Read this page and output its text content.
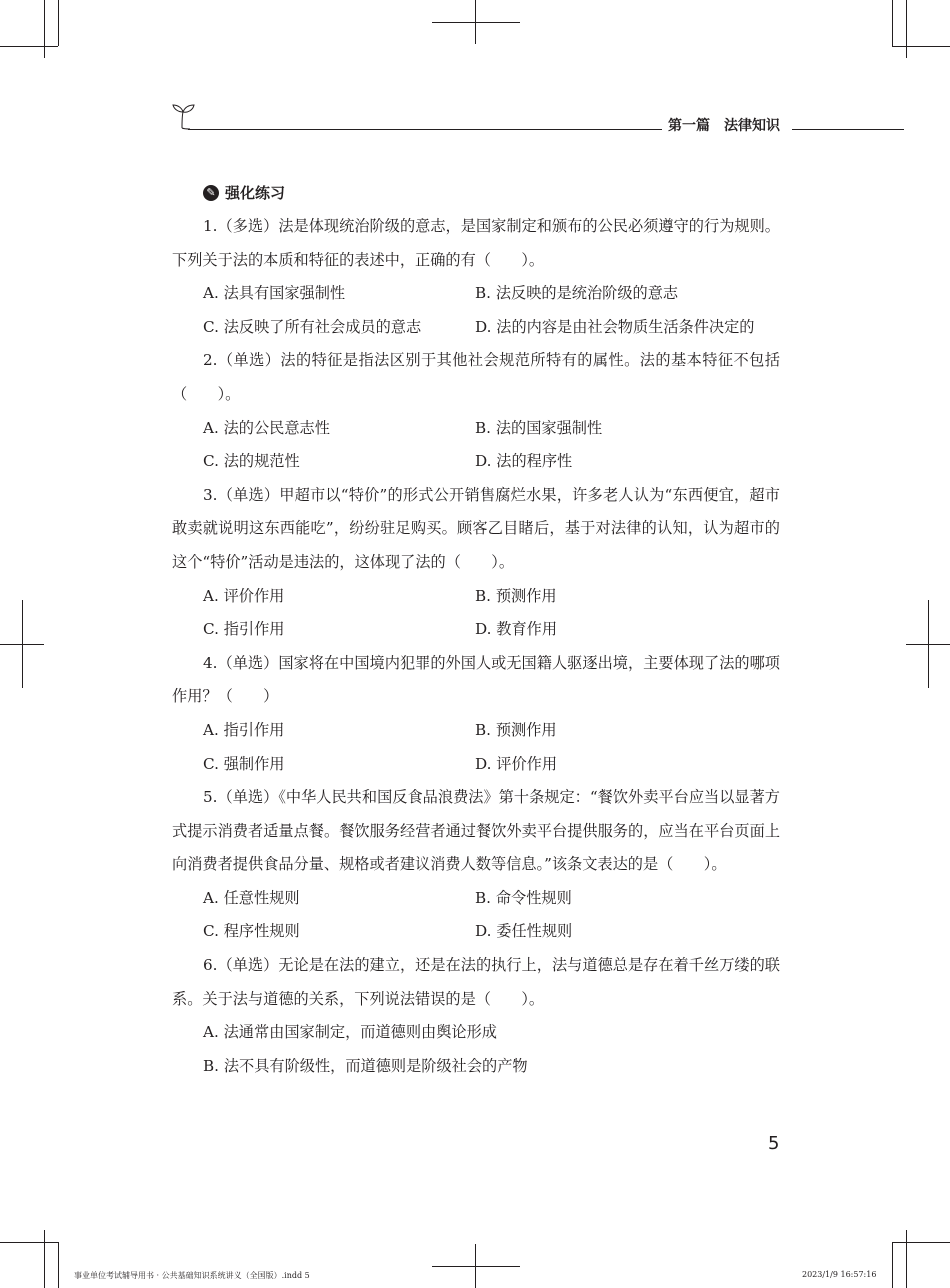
第一篇　法律知识
✎ 强化练习

1.（多选）法是体现统治阶级的意志，是国家制定和颁布的公民必须遵守的行为规则。下列关于法的本质和特征的表述中，正确的有（　　）。

A. 法具有国家强制性	B. 法反映的是统治阶级的意志
C. 法反映了所有社会成员的意志	D. 法的内容是由社会物质生活条件决定的

2.（单选）法的特征是指法区别于其他社会规范所特有的属性。法的基本特征不包括（　　）。

A. 法的公民意志性	B. 法的国家强制性
C. 法的规范性	D. 法的程序性

3.（单选）甲超市以“特价”的形式公开销售腐烂水果，许多老人认为“东西便宜，超市敢卖就说明这东西能吃”，纷纷驻足购买。顾客乙目睹后，基于对法律的认知，认为超市的这个“特价”活动是违法的，这体现了法的（　　）。

A. 评价作用	B. 预测作用
C. 指引作用	D. 教育作用

4.（单选）国家将在中国境内犯罪的外国人或无国籍人驱逐出境，主要体现了法的哪项作用？（　　）

A. 指引作用	B. 预测作用
C. 强制作用	D. 评价作用

5.（单选）《中华人民共和国反食品浪费法》第十条规定：“餐饮外卖平台应当以显著方式提示消费者适量点餐。餐饮服务经营者通过餐饮外卖平台提供服务的，应当在平台页面上向消费者提供食品分量、规格或者建议消费人数等信息。”该条文表达的是（　　）。

A. 任意性规则	B. 命令性规则
C. 程序性规则	D. 委任性规则

6.（单选）无论是在法的建立，还是在法的执行上，法与道德总是存在着千丝万缕的联系。关于法与道德的关系，下列说法错误的是（　　）。

A. 法通常由国家制定，而道德则由舆论形成

B. 法不具有阶级性，而道德则是阶级社会的产物

5
事业单位考试辅导用书 · 公共基础知识系统讲义（全国版）.indd 5	2023/1/9 16:57:16
